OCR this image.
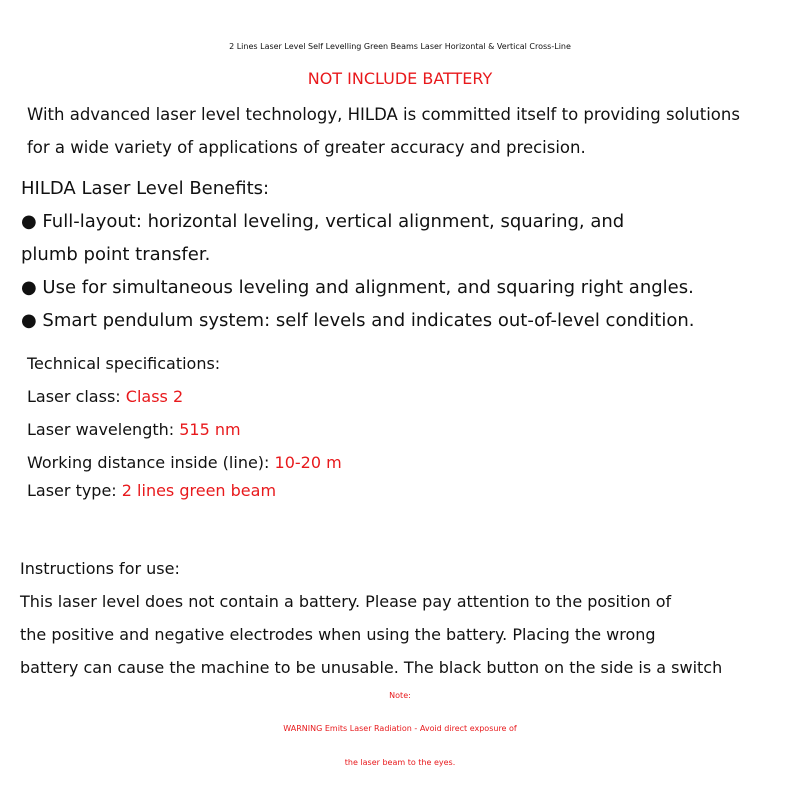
2 Lines Laser Level Self Levelling Green Beams Laser Horizontal & Vertical Cross-Line
NOT INCLUDE BATTERY
With advanced laser level technology, HILDA is committed itself to providing solutions
for a wide variety of applications of greater accuracy and precision.
HILDA Laser Level Benefits:
● Full-layout: horizontal leveling, vertical alignment, squaring, and
plumb point transfer.
● Use for simultaneous leveling and alignment, and squaring right angles.
● Smart pendulum system: self levels and indicates out-of-level condition.
Technical specifications:
Laser class: Class 2
Laser wavelength: 515 nm
Working distance inside (line): 10-20 m
Laser type: 2 lines green beam
Instructions for use:
This laser level does not contain a battery. Please pay attention to the position of
the positive and negative electrodes when using the battery. Placing the wrong
battery can cause the machine to be unusable. The black button on the side is a switch
Note:
WARNING Emits Laser Radiation - Avoid direct exposure of
the laser beam to the eyes.
